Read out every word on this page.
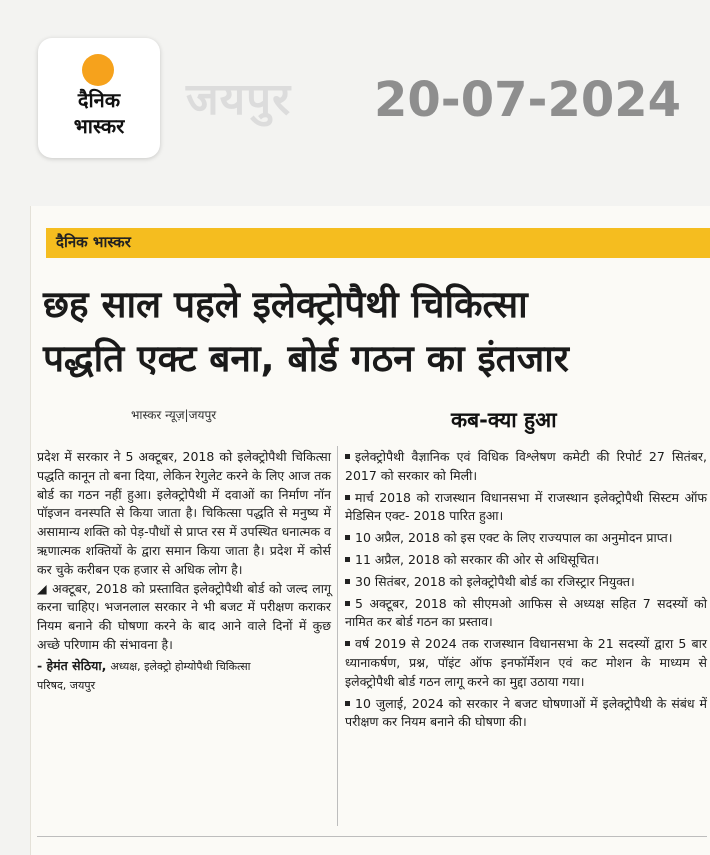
दैनिक
भास्कर
जयपुर 20-07-2024
दैनिक भास्कर
छह साल पहले इलेक्ट्रोपैथी चिकित्सा
पद्धति एक्ट बना, बोर्ड गठन का इंतजार
भास्कर न्यूज़|जयपुर	कब-क्या हुआ

प्रदेश में सरकार ने 5 अक्टूबर, 2018 को इलेक्ट्रोपैथी चिकित्सा पद्धति कानून तो बना दिया, लेकिन रेगुलेट करने के लिए आज तक बोर्ड का गठन नहीं हुआ। इलेक्ट्रोपैथी में दवाओं का निर्माण नॉन पॉइजन वनस्पति से किया जाता है। चिकित्सा पद्धति से मनुष्य में असामान्य शक्ति को पेड़-पौधों से प्राप्त रस में उपस्थित धनात्मक व ऋणात्मक शक्तियों के द्वारा समान किया जाता है। प्रदेश में कोर्स कर चुके करीबन एक हजार से अधिक लोग है।

◢ अक्टूबर, 2018 को प्रस्तावित इलेक्ट्रोपैथी बोर्ड को जल्द लागू करना चाहिए। भजनलाल सरकार ने भी बजट में परीक्षण कराकर नियम बनाने की घोषणा करने के बाद आने वाले दिनों में कुछ अच्छे परिणाम की संभावना है।

- हेमंत सेठिया, अध्यक्ष, इलेक्ट्रो होम्योपैथी चिकित्सा
परिषद, जयपुर
इलेक्ट्रोपैथी वैज्ञानिक एवं विधिक विश्लेषण कमेटी की रिपोर्ट 27 सितंबर, 2017 को सरकार को मिली।
मार्च 2018 को राजस्थान विधानसभा में राजस्थान इलेक्ट्रोपैथी सिस्टम ऑफ मेडिसिन एक्ट- 2018 पारित हुआ।
10 अप्रैल, 2018 को इस एक्ट के लिए राज्यपाल का अनुमोदन प्राप्त।
11 अप्रैल, 2018 को सरकार की ओर से अधिसूचित।
30 सितंबर, 2018 को इलेक्ट्रोपैथी बोर्ड का रजिस्ट्रार नियुक्त।
5 अक्टूबर, 2018 को सीएमओ आफिस से अध्यक्ष सहित 7 सदस्यों को नामित कर बोर्ड गठन का प्रस्ताव।
वर्ष 2019 से 2024 तक राजस्थान विधानसभा के 21 सदस्यों द्वारा 5 बार ध्यानाकर्षण, प्रश्न, पॉइंट ऑफ इनफॉर्मेशन एवं कट मोशन के माध्यम से इलेक्ट्रोपैथी बोर्ड गठन लागू करने का मुद्दा उठाया गया।
10 जुलाई, 2024 को सरकार ने बजट घोषणाओं में इलेक्ट्रोपैथी के संबंध में परीक्षण कर नियम बनाने की घोषणा की।
